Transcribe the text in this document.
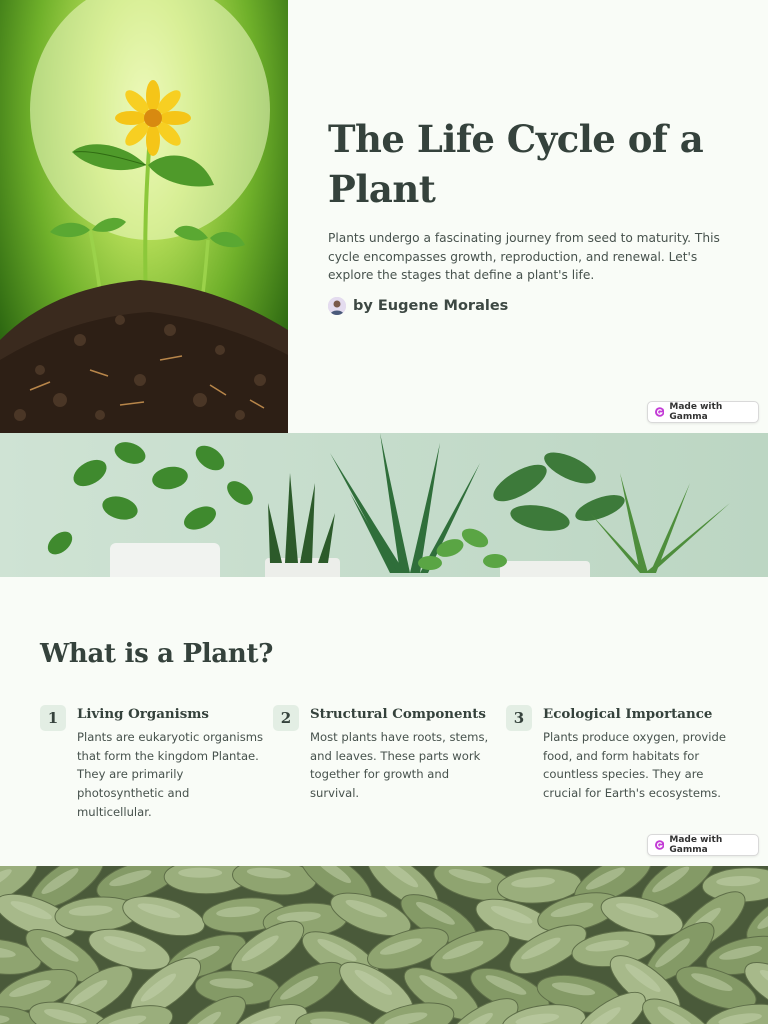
The Life Cycle of a Plant

Plants undergo a fascinating journey from seed to maturity. This cycle encompasses growth, reproduction, and renewal. Let's explore the stages that define a plant's life.

by Eugene Morales
Made with Gamma
What is a Plant?
1	Living Organisms
Plants are eukaryotic organisms that form the kingdom Plantae. They are primarily photosynthetic and multicellular.
2	Structural Components
Most plants have roots, stems, and leaves. These parts work together for growth and survival.
3	Ecological Importance
Plants produce oxygen, provide food, and form habitats for countless species. They are crucial for Earth's ecosystems.
Made with Gamma
